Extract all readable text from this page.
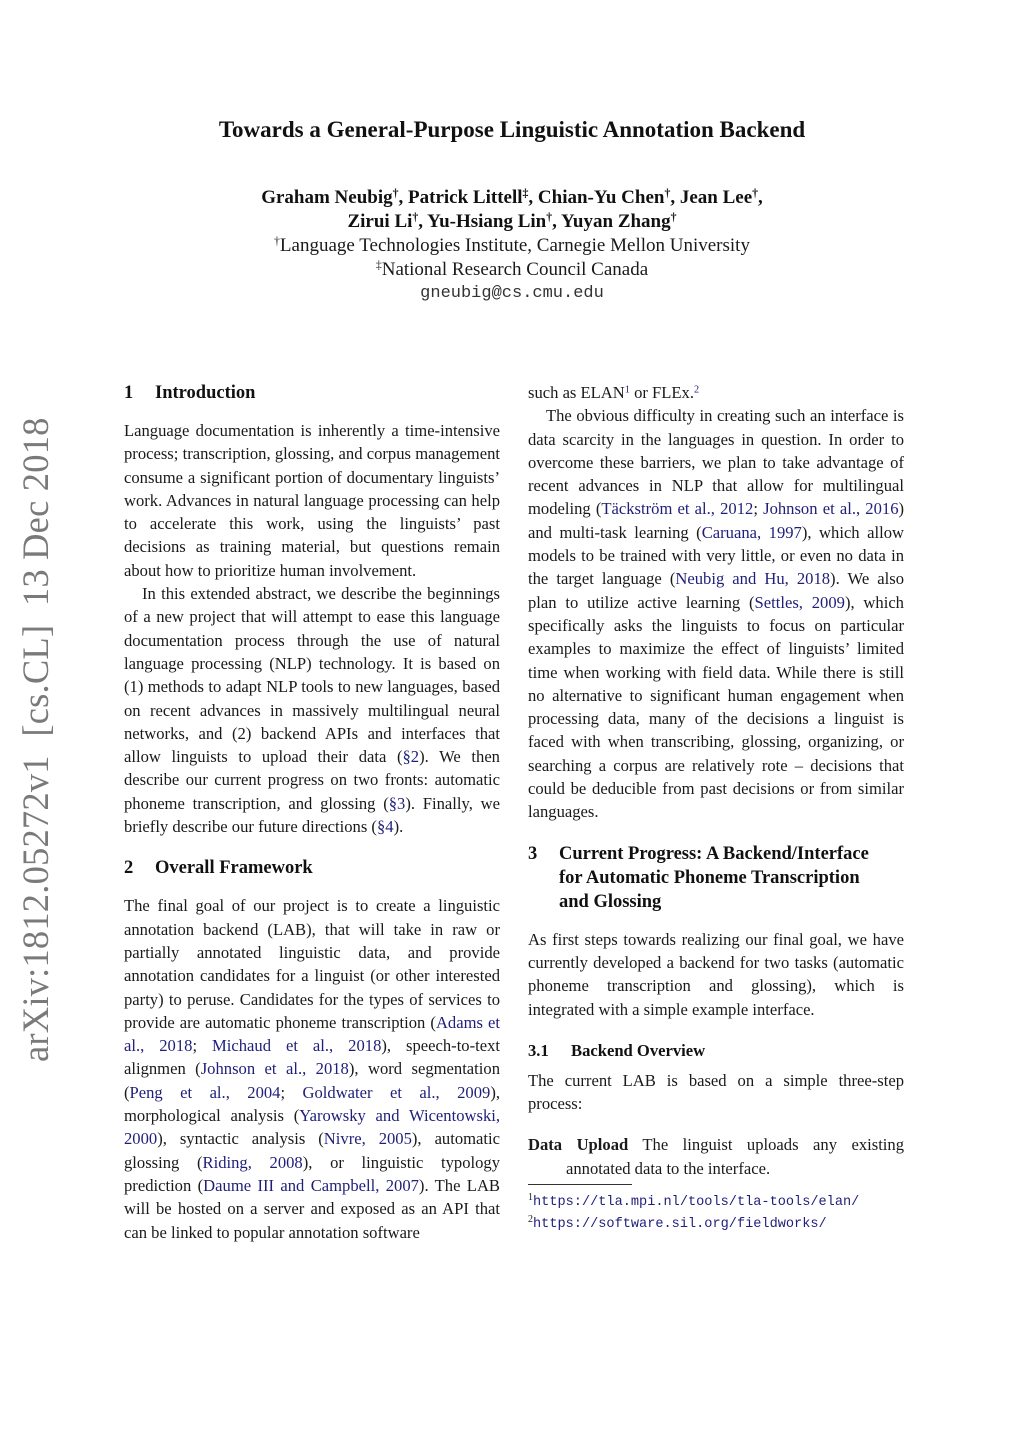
arXiv:1812.05272v1  [cs.CL]  13 Dec 2018
Towards a General-Purpose Linguistic Annotation Backend
Graham Neubig†, Patrick Littell‡, Chian-Yu Chen†, Jean Lee†,
Zirui Li†, Yu-Hsiang Lin†, Yuyan Zhang†
†Language Technologies Institute, Carnegie Mellon University
‡National Research Council Canada
gneubig@cs.cmu.edu
1	Introduction

Language documentation is inherently a time-intensive process; transcription, glossing, and corpus management consume a significant portion of documentary linguists’ work. Advances in natural language processing can help to accelerate this work, using the linguists’ past decisions as training material, but questions remain about how to prioritize human involvement.

In this extended abstract, we describe the beginnings of a new project that will attempt to ease this language documentation process through the use of natural language processing (NLP) technology. It is based on (1) methods to adapt NLP tools to new languages, based on recent advances in massively multilingual neural networks, and (2) backend APIs and interfaces that allow linguists to upload their data (§2). We then describe our current progress on two fronts: automatic phoneme transcription, and glossing (§3). Finally, we briefly describe our future directions (§4).

2	Overall Framework

The final goal of our project is to create a linguistic annotation backend (LAB), that will take in raw or partially annotated linguistic data, and provide annotation candidates for a linguist (or other interested party) to peruse. Candidates for the types of services to provide are automatic phoneme transcription (Adams et al., 2018; Michaud et al., 2018), speech-to-text alignmen (Johnson et al., 2018), word segmentation (Peng et al., 2004; Goldwater et al., 2009), morphological analysis (Yarowsky and Wicentowski, 2000), syntactic analysis (Nivre, 2005), automatic glossing (Riding, 2008), or linguistic typology prediction (Daume III and Campbell, 2007). The LAB will be hosted on a server and exposed as an API that can be linked to popular annotation software

such as ELAN$^1$ or FLEx.$^2$

The obvious difficulty in creating such an interface is data scarcity in the languages in question. In order to overcome these barriers, we plan to take advantage of recent advances in NLP that allow for multilingual modeling (Täckström et al., 2012; Johnson et al., 2016) and multi-task learning (Caruana, 1997), which allow models to be trained with very little, or even no data in the target language (Neubig and Hu, 2018). We also plan to utilize active learning (Settles, 2009), which specifically asks the linguists to focus on particular examples to maximize the effect of linguists’ limited time when working with field data. While there is still no alternative to significant human engagement when processing data, many of the decisions a linguist is faced with when transcribing, glossing, organizing, or searching a corpus are relatively rote – decisions that could be deducible from past decisions or from similar languages.

3	Current Progress: A Backend/Interface for Automatic Phoneme Transcription and Glossing

As first steps towards realizing our final goal, we have currently developed a backend for two tasks (automatic phoneme transcription and glossing), which is integrated with a simple example interface.

3.1	Backend Overview

The current LAB is based on a simple three-step process:

Data Upload The linguist uploads any existing annotated data to the interface.

$^1$https://tla.mpi.nl/tools/tla-tools/elan/
$^2$https://software.sil.org/fieldworks/
